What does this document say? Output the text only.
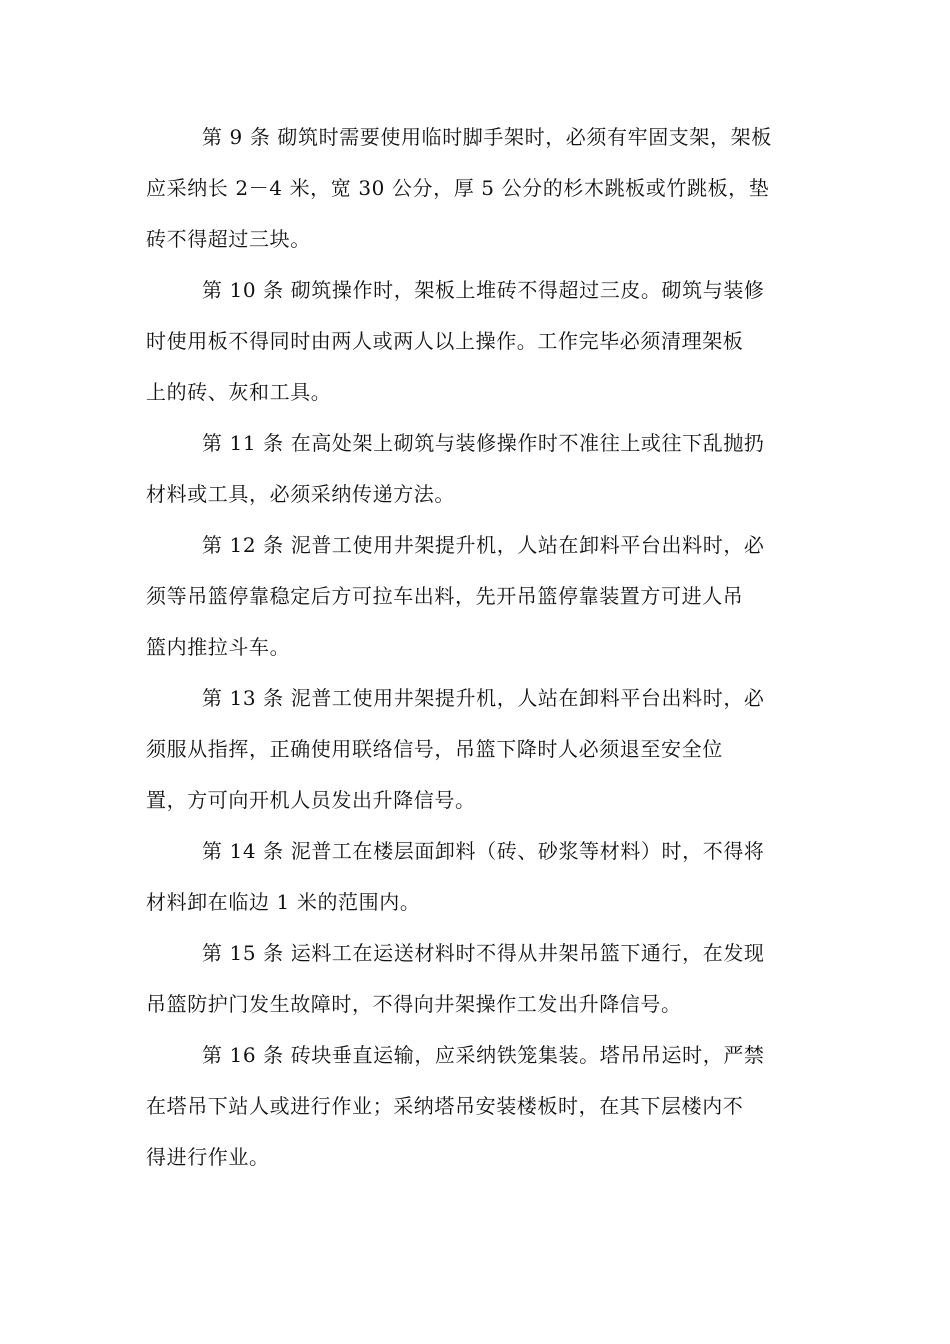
第 9 条 砌筑时需要使用临时脚手架时，必须有牢固支架，架板
应采纳长 2－4 米，宽 30 公分，厚 5 公分的杉木跳板或竹跳板，垫
砖不得超过三块。

第 10 条 砌筑操作时，架板上堆砖不得超过三皮。砌筑与装修
时使用板不得同时由两人或两人以上操作。工作完毕必须清理架板
上的砖、灰和工具。

第 11 条 在高处架上砌筑与装修操作时不准往上或往下乱抛扔
材料或工具，必须采纳传递方法。

第 12 条 泥普工使用井架提升机，人站在卸料平台出料时，必
须等吊篮停靠稳定后方可拉车出料，先开吊篮停靠装置方可进人吊
篮内推拉斗车。

第 13 条 泥普工使用井架提升机，人站在卸料平台出料时，必
须服从指挥，正确使用联络信号，吊篮下降时人必须退至安全位
置，方可向开机人员发出升降信号。

第 14 条 泥普工在楼层面卸料（砖、砂浆等材料）时，不得将
材料卸在临边 1 米的范围内。

第 15 条 运料工在运送材料时不得从井架吊篮下通行，在发现
吊篮防护门发生故障时，不得向井架操作工发出升降信号。

第 16 条 砖块垂直运输，应采纳铁笼集装。塔吊吊运时，严禁
在塔吊下站人或进行作业；采纳塔吊安装楼板时，在其下层楼内不
得进行作业。
